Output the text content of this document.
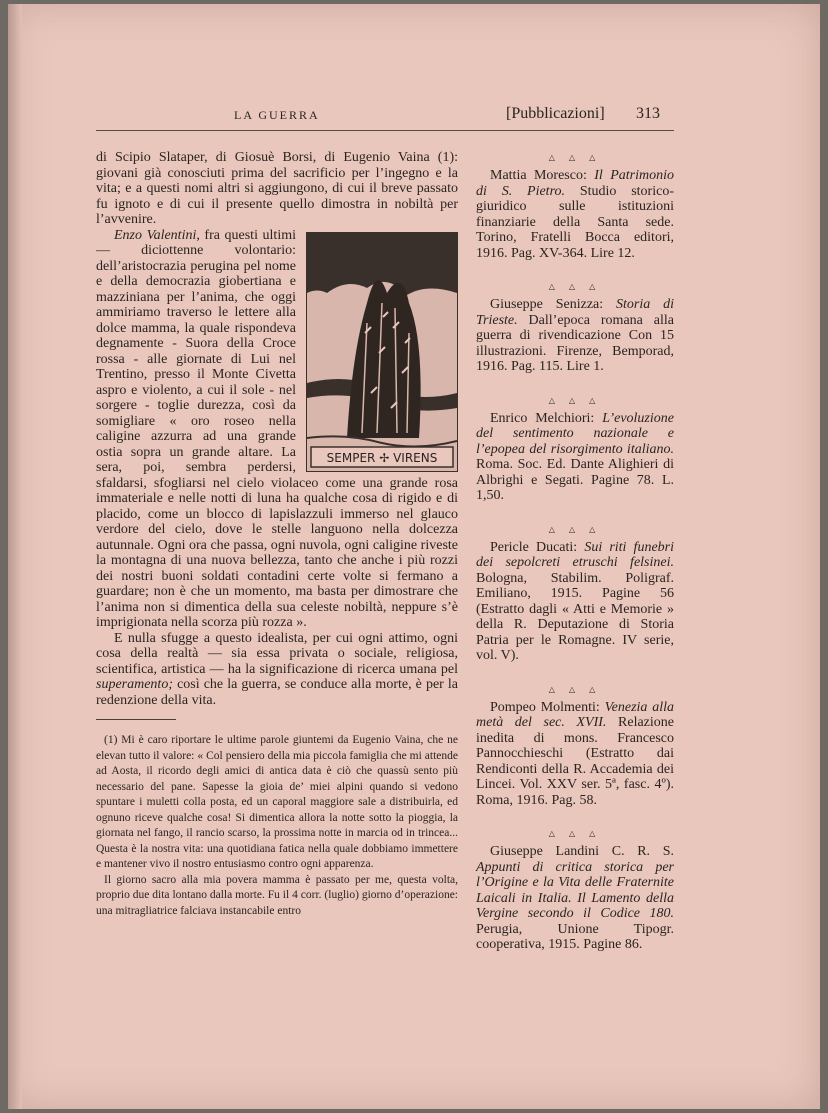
LA GUERRA	[Pubblicazioni] 313

di Scipio Slataper, di Giosuè Borsi, di Eugenio Vaina (1): giovani già conosciuti prima del sacrificio per l’ingegno e la vita; e a questi nomi altri si aggiungono, di cui il breve passato fu ignoto e di cui il presente quello dimostra in nobiltà per l’avvenire.

SEMPER ✢ VIRENS

Enzo Valentini, fra questi ultimi — diciottenne volontario: dell’aristocrazia perugina pel nome e della democrazia giobertiana e mazziniana per l’anima, che oggi ammiriamo traverso le lettere alla dolce mamma, la quale rispondeva degnamente - Suora della Croce rossa - alle giornate di Lui nel Trentino, presso il Monte Civetta aspro e violento, a cui il sole - nel sorgere - toglie durezza, così da somigliare « oro roseo nella caligine azzurra ad una grande ostia sopra un grande altare. La sera, poi, sembra perdersi, sfaldarsi, sfogliarsi nel cielo violaceo come una grande rosa immateriale e nelle notti di luna ha qualche cosa di rigido e di placido, come un blocco di lapislazzuli immerso nel glauco verdore del cielo, dove le stelle languono nella dolcezza autunnale. Ogni ora che passa, ogni nuvola, ogni caligine riveste la montagna di una nuova bellezza, tanto che anche i più rozzi dei nostri buoni soldati contadini certe volte si fermano a guardare; non è che un momento, ma basta per dimostrare che l’anima non si dimentica della sua celeste nobiltà, neppure s’è imprigionata nella scorza più rozza ».

E nulla sfugge a questo idealista, per cui ogni attimo, ogni cosa della realtà — sia essa privata o sociale, religiosa, scientifica, artistica — ha la significazione di ricerca umana pel superamento; così che la guerra, se conduce alla morte, è per la redenzione della vita.

(1) Mi è caro riportare le ultime parole giuntemi da Eugenio Vaina, che ne elevan tutto il valore: « Col pensiero della mia piccola famiglia che mi attende ad Aosta, il ricordo degli amici di antica data è ciò che quassù sento più necessario del pane. Sapesse la gioia de’ miei alpini quando si vedono spuntare i muletti colla posta, ed un caporal maggiore sale a distribuirla, ed ognuno riceve qualche cosa! Si dimentica allora la notte sotto la pioggia, la giornata nel fango, il rancio scarso, la prossima notte in marcia od in trincea... Questa è la nostra vita: una quotidiana fatica nella quale dobbiamo immettere e mantener vivo il nostro entusiasmo contro ogni apparenza.

Il giorno sacro alla mia povera mamma è passato per me, questa volta, proprio due dita lontano dalla morte. Fu il 4 corr. (luglio) giorno d’operazione: una mitragliatrice falciava instancabile entro

△ △ △

Mattia Moresco: Il Patrimonio di S. Pietro. Studio storico-giuridico sulle istituzioni finanziarie della Santa sede. Torino, Fratelli Bocca editori, 1916. Pag. XV-364. Lire 12.

△ △ △

Giuseppe Senizza: Storia di Trieste. Dall’epoca romana alla guerra di rivendicazione Con 15 illustrazioni. Firenze, Bemporad, 1916. Pag. 115. Lire 1.

△ △ △

Enrico Melchiori: L’evoluzione del sentimento nazionale e l’epopea del risorgimento italiano. Roma. Soc. Ed. Dante Alighieri di Albrighi e Segati. Pagine 78. L. 1,50.

△ △ △

Pericle Ducati: Sui riti funebri dei sepolcreti etruschi felsinei. Bologna, Stabilim. Poligraf. Emiliano, 1915. Pagine 56 (Estratto dagli « Atti e Memorie » della R. Deputazione di Storia Patria per le Romagne. IV serie, vol. V).

△ △ △

Pompeo Molmenti: Venezia alla metà del sec. XVII. Relazione inedita di mons. Francesco Pannocchieschi (Estratto dai Rendiconti della R. Accademia dei Lincei. Vol. XXV ser. 5ª, fasc. 4º). Roma, 1916. Pag. 58.

△ △ △

Giuseppe Landini C. R. S. Appunti di critica storica per l’Origine e la Vita delle Fraternite Laicali in Italia. Il Lamento della Vergine secondo il Codice 180. Perugia, Unione Tipogr. cooperativa, 1915. Pagine 86.
